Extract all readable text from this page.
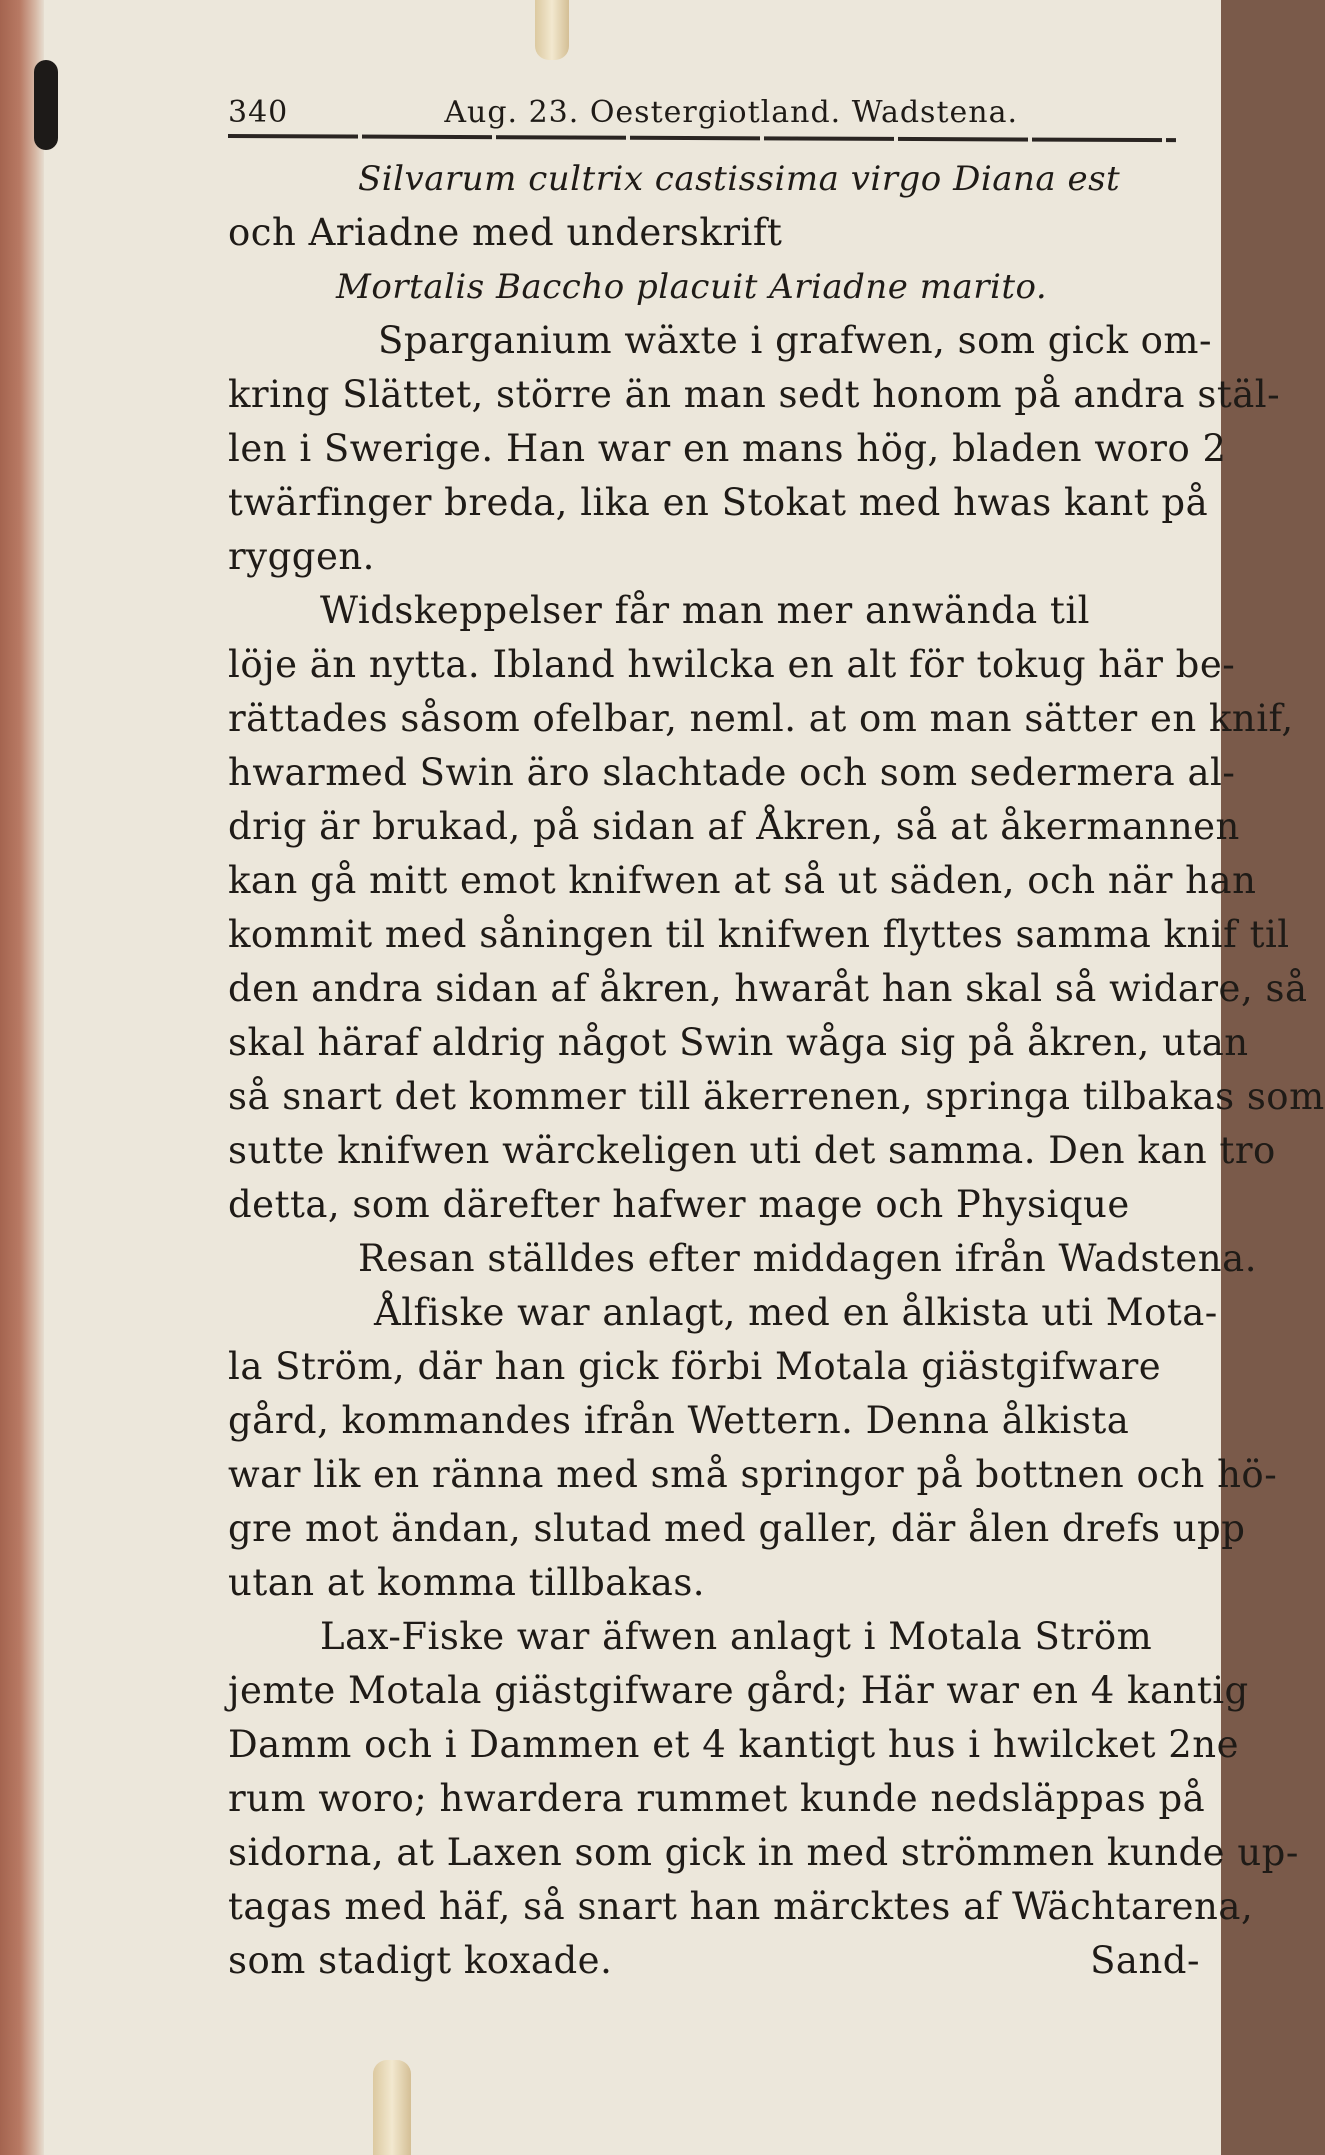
340	Aug. 23. Oestergiotland. Wadstena.
Silvarum cultrix castissima virgo Diana est
och Ariadne med underskrift
Mortalis Baccho placuit Ariadne marito.
Sparganium wäxte i grafwen, som gick om-
kring Slättet, större än man sedt honom på andra stäl-
len i Swerige. Han war en mans hög, bladen woro 2
twärfinger breda, lika en Stokat med hwas kant på
ryggen.
Widskeppelser får man mer anwända til
löje än nytta. Ibland hwilcka en alt för tokug här be-
rättades såsom ofelbar, neml. at om man sätter en knif,
hwarmed Swin äro slachtade och som sedermera al-
drig är brukad, på sidan af Åkren, så at åkermannen
kan gå mitt emot knifwen at så ut säden, och när han
kommit med såningen til knifwen flyttes samma knif til
den andra sidan af åkren, hwaråt han skal så widare, så
skal häraf aldrig något Swin wåga sig på åkren, utan
så snart det kommer till äkerrenen, springa tilbakas som
sutte knifwen wärckeligen uti det samma. Den kan tro
detta, som därefter hafwer mage och Physique
Resan ställdes efter middagen ifrån Wadstena.
Ålfiske war anlagt, med en ålkista uti Mota-
la Ström, där han gick förbi Motala giästgifware
gård, kommandes ifrån Wettern. Denna ålkista
war lik en ränna med små springor på bottnen och hö-
gre mot ändan, slutad med galler, där ålen drefs upp
utan at komma tillbakas.
Lax-Fiske war äfwen anlagt i Motala Ström
jemte Motala giästgifware gård; Här war en 4 kantig
Damm och i Dammen et 4 kantigt hus i hwilcket 2ne
rum woro; hwardera rummet kunde nedsläppas på
sidorna, at Laxen som gick in med strömmen kunde up-
tagas med häf, så snart han märcktes af Wächtarena,
som stadigt koxade.	Sand-
